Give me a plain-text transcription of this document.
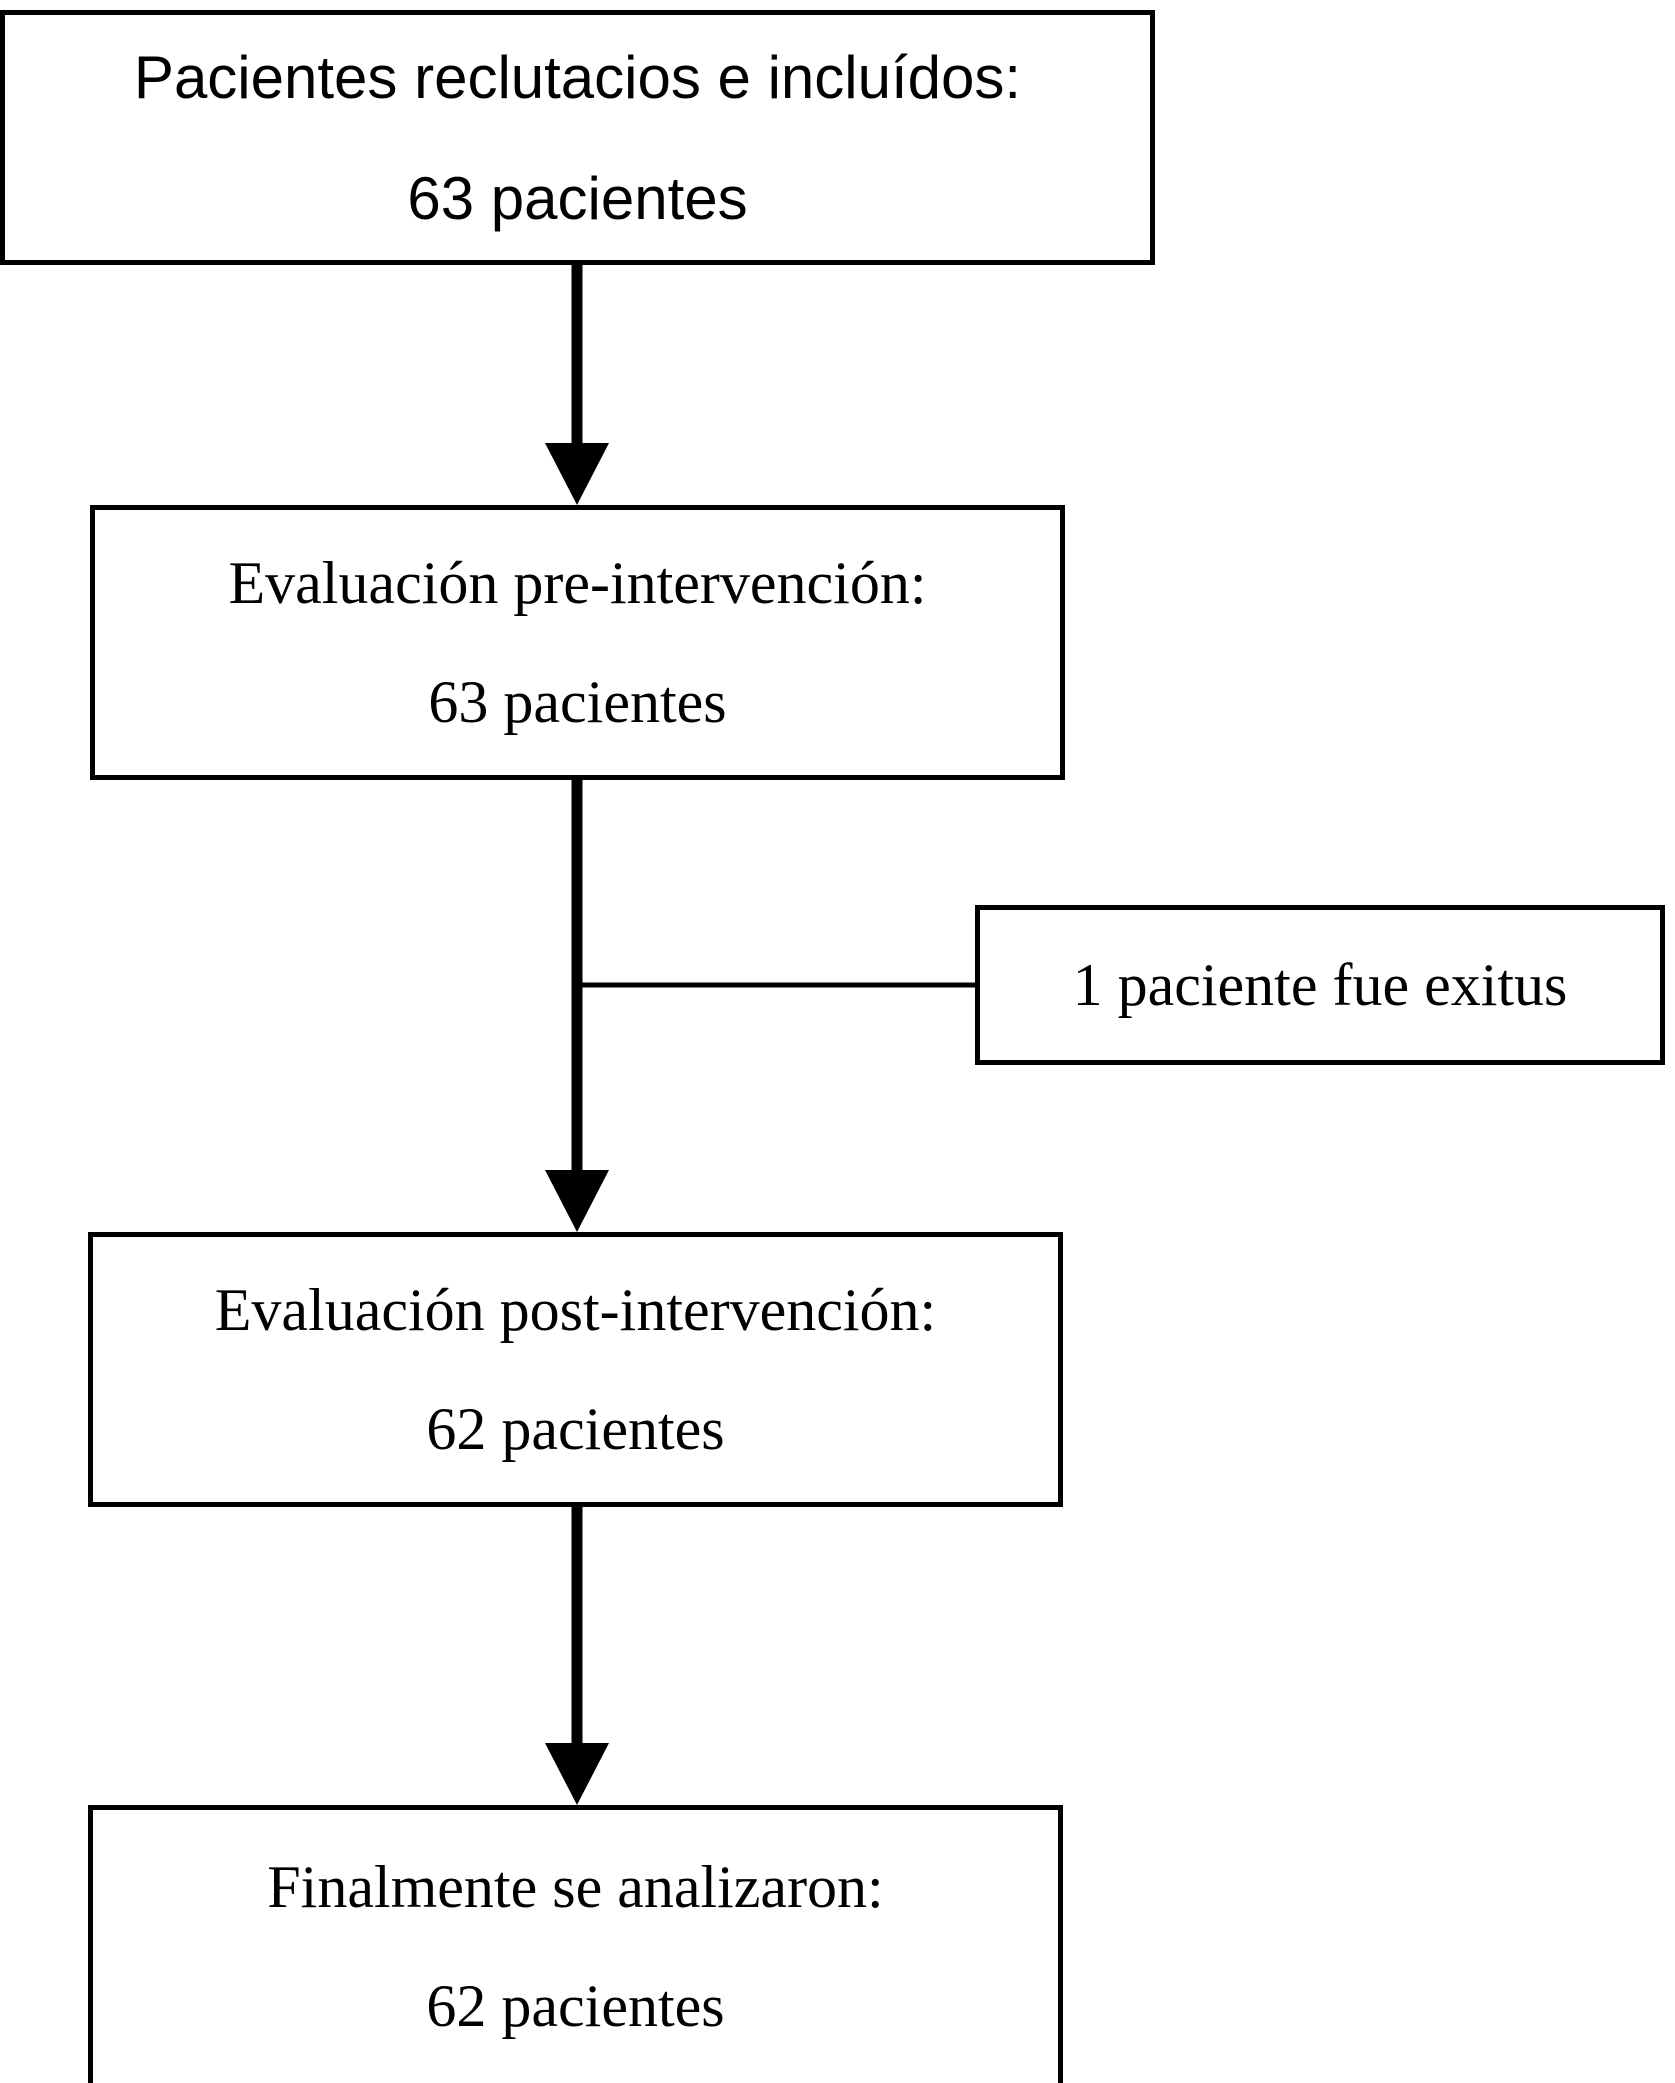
Pacientes reclutacios e incluídos:
63 pacientes
Evaluación pre-intervención:
63 pacientes
1 paciente fue exitus
Evaluación post-intervención:
62 pacientes
Finalmente se analizaron:
62 pacientes
